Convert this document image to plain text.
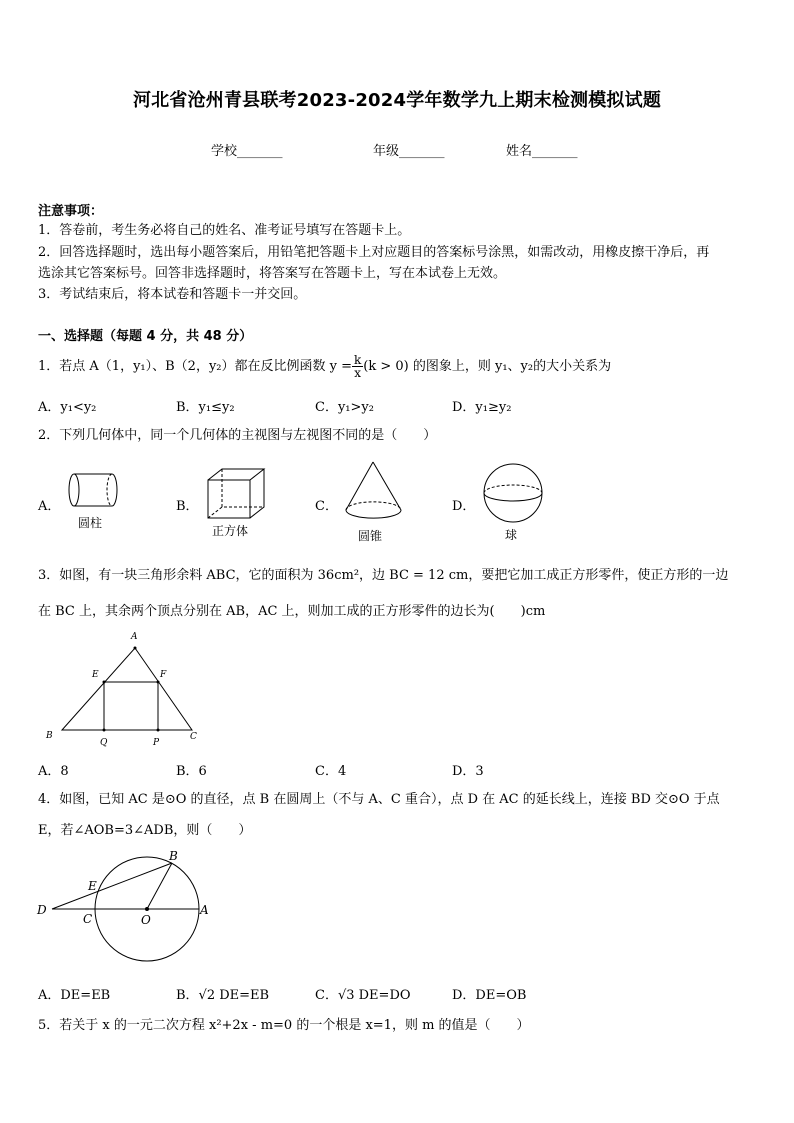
河北省沧州青县联考2023-2024学年数学九上期末检测模拟试题
学校_______	年级_______	姓名_______
注意事项：
1．答卷前，考生务必将自己的姓名、准考证号填写在答题卡上。
2．回答选择题时，选出每小题答案后，用铅笔把答题卡上对应题目的答案标号涂黑，如需改动，用橡皮擦干净后，再
选涂其它答案标号。回答非选择题时，将答案写在答题卡上，写在本试卷上无效。
3．考试结束后，将本试卷和答题卡一并交回。
一、选择题（每题 4 分，共 48 分）
1．若点 A（1，y₁）、B（2，y₂）都在反比例函数 $y = \frac{k}{x} (k > 0)$ 的图象上，则 y₁、y₂的大小关系为
A．y₁<y₂	B．y₁≤y₂	C．y₁>y₂	D．y₁≥y₂
2．下列几何体中，同一个几何体的主视图与左视图不同的是（　　）
A．	B．	C．	D．
圆柱
正方体	圆锥	球
3．如图，有一块三角形余料 ABC，它的面积为 36cm²，边 BC = 12 cm，要把它加工成正方形零件，使正方形的一边
在 BC 上，其余两个顶点分别在 AB，AC 上，则加工成的正方形零件的边长为(　　)cm
A
E	F
B
Q	P
C
A．8	B．6	C．4	D．3
4．如图，已知 AC 是⊙O 的直径，点 B 在圆周上（不与 A、C 重合），点 D 在 AC 的延长线上，连接 BD 交⊙O 于点
E，若∠AOB=3∠ADB，则（　　）
B
E
D
C	O
A
A．DE=EB	B．√2 DE=EB	C．√3 DE=DO	D．DE=OB
5．若关于 x 的一元二次方程 x²+2x - m=0 的一个根是 x=1，则 m 的值是（　　）
